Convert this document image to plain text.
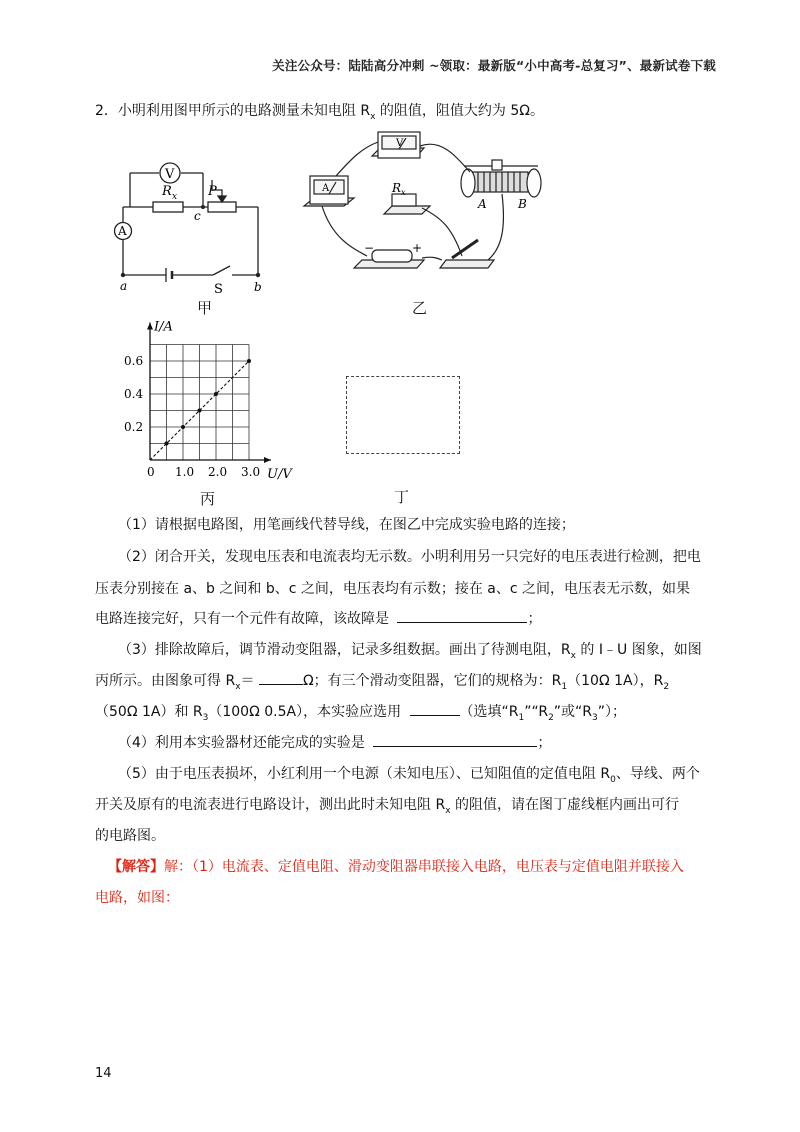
关注公众号：陆陆高分冲刺 ~领取：最新版“小中高考-总复习”、最新试卷下载
2．小明利用图甲所示的电路测量未知电阻 $R_x$ 的阻值，阻值大约为 5Ω。
V
A
R x P
c
a	b
S
甲
A
V
R x
A	B
−	+
乙
0 1.0 2.0 3.0
0.2
0.4
0.6
U/V
I/A
丙	丁
（1）请根据电路图，用笔画线代替导线，在图乙中完成实验电路的连接；
（2）闭合开关，发现电压表和电流表均无示数。小明利用另一只完好的电压表进行检测，把电
压表分别接在 a、b 之间和 b、c 之间，电压表均有示数；接在 a、c 之间，电压表无示数，如果
电路连接完好，只有一个元件有故障，该故障是	；
（3）排除故障后，调节滑动变阻器，记录多组数据。画出了待测电阻，$R_x$ 的 I﹣U 图象，如图
丙所示。由图象可得 $R_x=$	Ω；有三个滑动变阻器，它们的规格为：$R_1(10\Omega$ 1A），$R_2$
（50Ω 1A）和 $R_3(100\Omega$ 0.5A），本实验应选用	（选填“$R_1”“R_2$”或“$R_3$”）；
（4）利用本实验器材还能完成的实验是	；
（5）由于电压表损坏，小红利用一个电源（未知电压）、已知阻值的定值电阻 $R_0$、导线、两个
开关及原有的电流表进行电路设计，测出此时未知电阻 $R_x$ 的阻值，请在图丁虚线框内画出可行
的电路图。
【解答】解：（1）电流表、定值电阻、滑动变阻器串联接入电路，电压表与定值电阻并联接入
电路，如图：
14
